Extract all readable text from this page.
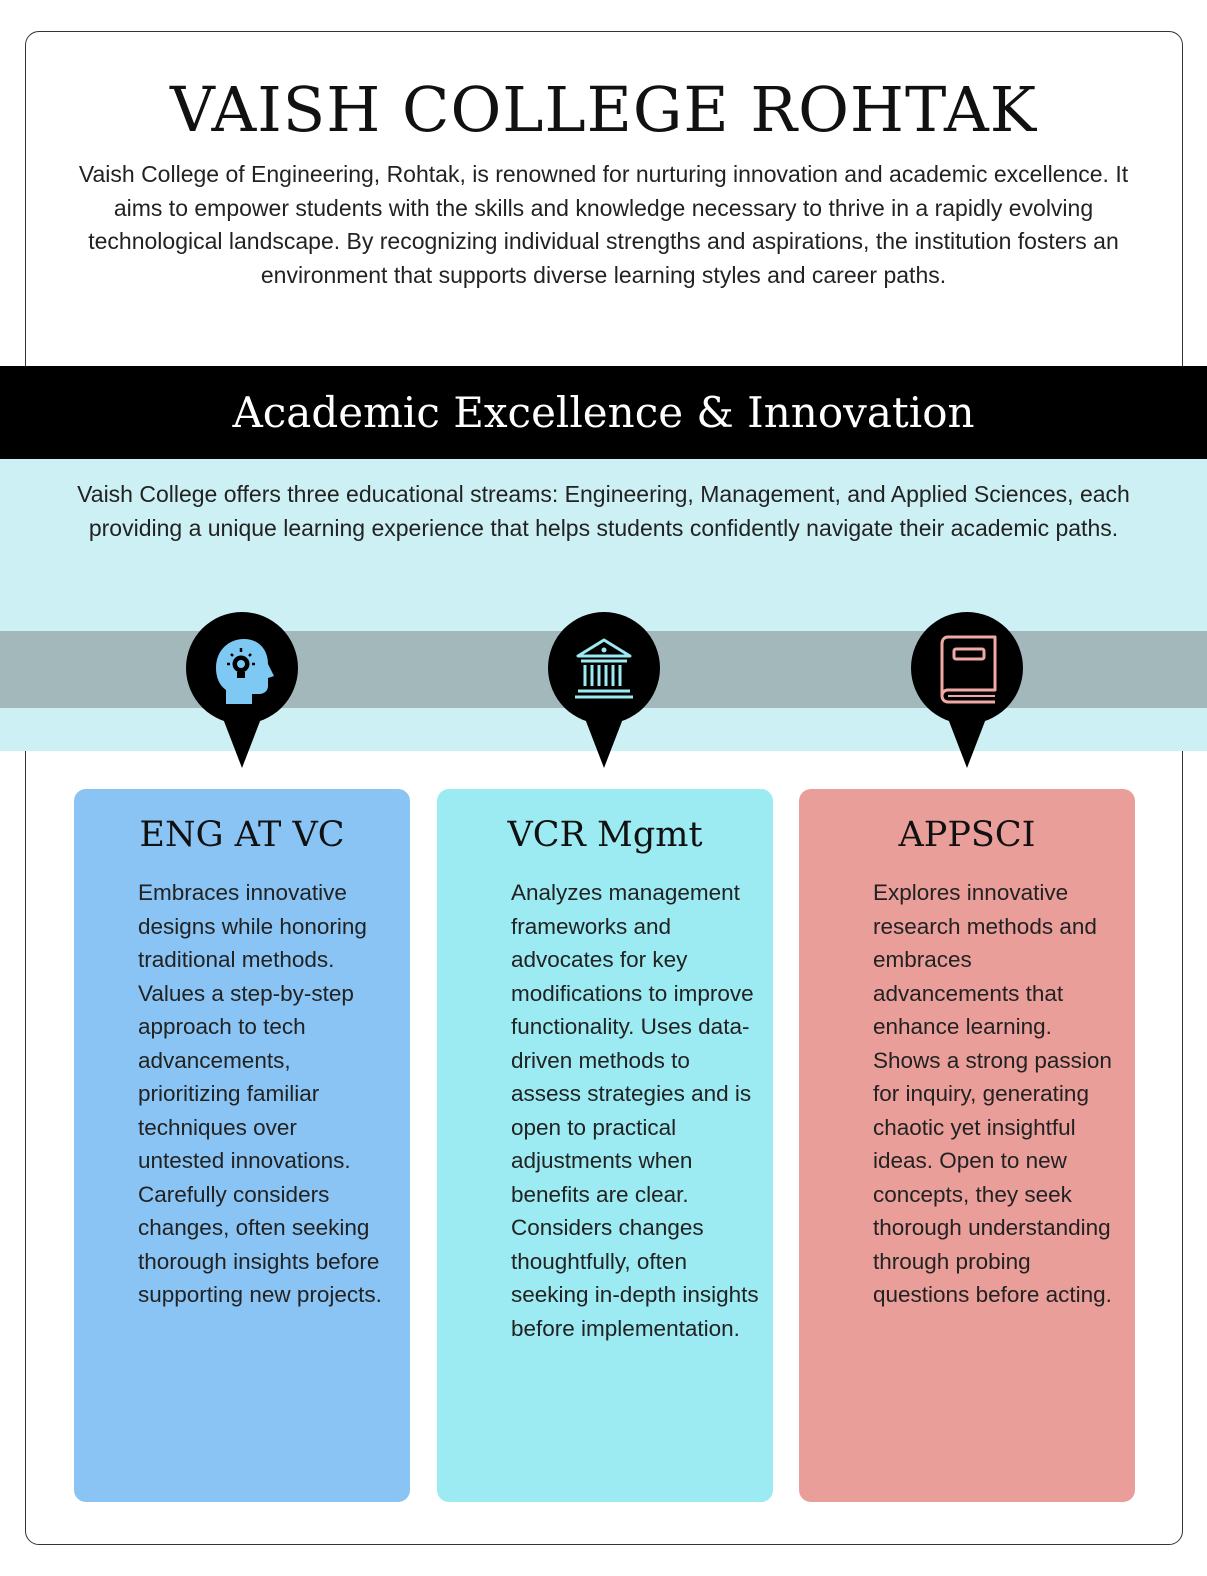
VAISH COLLEGE ROHTAK

Vaish College of Engineering, Rohtak, is renowned for nurturing innovation and academic excellence. It aims to empower students with the skills and knowledge necessary to thrive in a rapidly evolving technological landscape. By recognizing individual strengths and aspirations, the institution fosters an environment that supports diverse learning styles and career paths.

Academic Excellence & Innovation

Vaish College offers three educational streams: Engineering, Management, and Applied Sciences, each providing a unique learning experience that helps students confidently navigate their academic paths.

ENG AT VC

Embraces innovative designs while honoring traditional methods. Values a step-by-step approach to tech advancements, prioritizing familiar techniques over untested innovations. Carefully considers changes, often seeking thorough insights before supporting new projects.

VCR Mgmt

Analyzes management frameworks and advocates for key modifications to improve functionality. Uses data-driven methods to assess strategies and is open to practical adjustments when benefits are clear. Considers changes thoughtfully, often seeking in-depth insights before implementation.

APPSCI

Explores innovative research methods and embraces advancements that enhance learning. Shows a strong passion for inquiry, generating chaotic yet insightful ideas. Open to new concepts, they seek thorough understanding through probing questions before acting.
